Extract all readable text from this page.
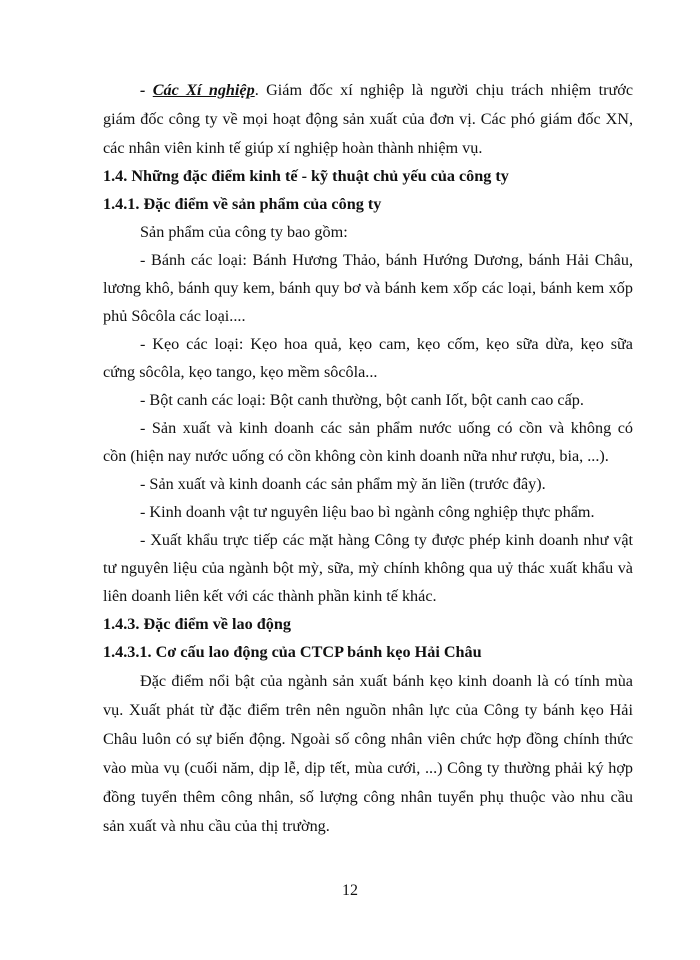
- Các Xí nghiệp. Giám đốc xí nghiệp là người chịu trách nhiệm trước
giám đốc công ty về mọi hoạt động sản xuất của đơn vị. Các phó giám đốc XN,
các nhân viên kinh tế giúp xí nghiệp hoàn thành nhiệm vụ.
1.4. Những đặc điểm kinh tế - kỹ thuật chủ yếu của công ty
1.4.1. Đặc điểm về sản phẩm của công ty
Sản phẩm của công ty bao gồm:
- Bánh các loại: Bánh Hương Thảo, bánh Hướng Dương, bánh Hải Châu,
lương khô, bánh quy kem, bánh quy bơ và bánh kem xốp các loại, bánh kem xốp
phủ Sôcôla các loại....
- Kẹo các loại: Kẹo hoa quả, kẹo cam, kẹo cốm, kẹo sữa dừa, kẹo sữa
cứng sôcôla, kẹo tango, kẹo mềm sôcôla...
- Bột canh các loại: Bột canh thường, bột canh Iốt, bột canh cao cấp.
- Sản xuất và kinh doanh các sản phẩm nước uống có cồn và không có
cồn (hiện nay nước uống có cồn không còn kinh doanh nữa như rượu, bia, ...).
- Sản xuất và kinh doanh các sản phẩm mỳ ăn liền (trước đây).
- Kinh doanh vật tư nguyên liệu bao bì ngành công nghiệp thực phẩm.
- Xuất khẩu trực tiếp các mặt hàng Công ty được phép kinh doanh như vật
tư nguyên liệu của ngành bột mỳ, sữa, mỳ chính không qua uỷ thác xuất khẩu và
liên doanh liên kết với các thành phần kinh tế khác.
1.4.3. Đặc điểm về lao động
1.4.3.1. Cơ cấu lao động của CTCP bánh kẹo Hải Châu
Đặc điểm nổi bật của ngành sản xuất bánh kẹo kinh doanh là có tính mùa
vụ. Xuất phát từ đặc điểm trên nên nguồn nhân lực của Công ty bánh kẹo Hải
Châu luôn có sự biến động. Ngoài số công nhân viên chức hợp đồng chính thức
vào mùa vụ (cuối năm, dịp lễ, dịp tết, mùa cưới, ...) Công ty thường phải ký hợp
đồng tuyển thêm công nhân, số lượng công nhân tuyển phụ thuộc vào nhu cầu
sản xuất và nhu cầu của thị trường.
12
